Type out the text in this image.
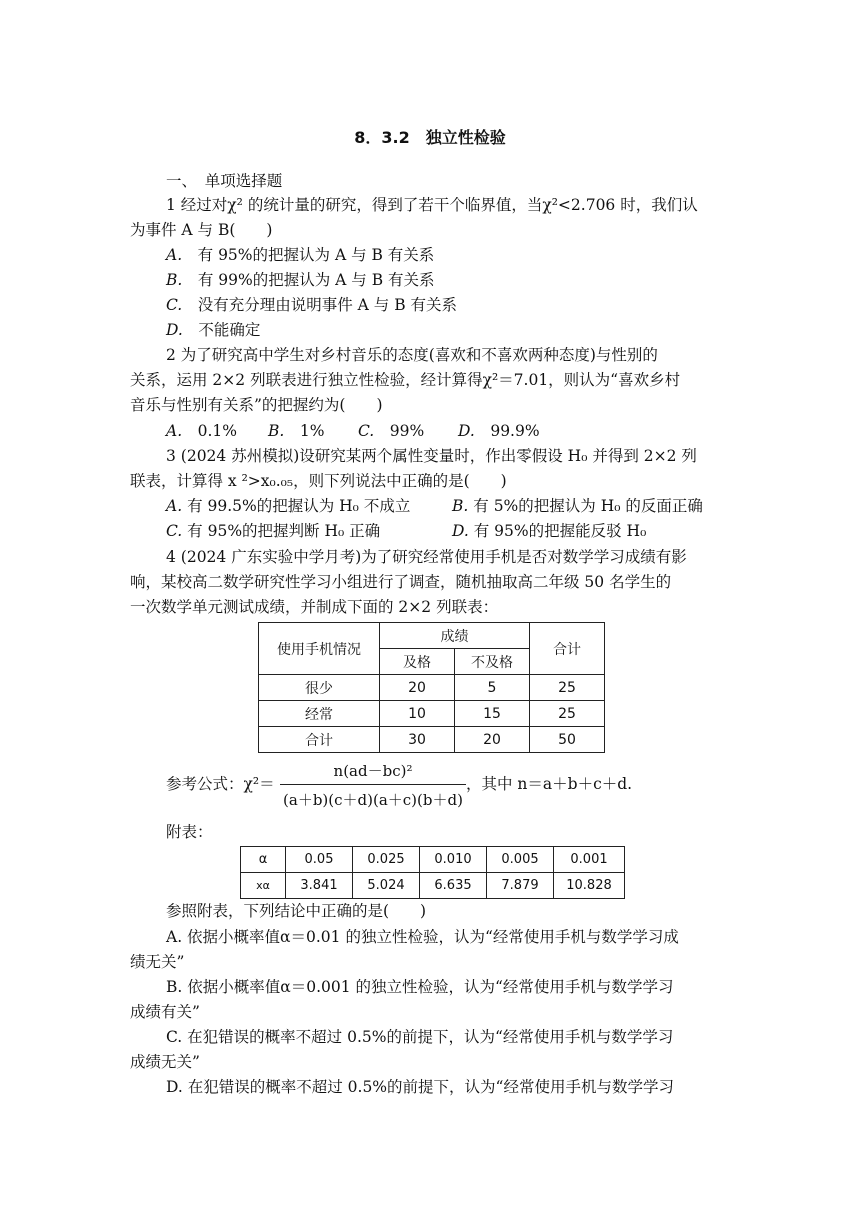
8．3.2　独立性检验
一、　单项选择题
1 经过对χ² 的统计量的研究，得到了若干个临界值，当χ²<2.706 时，我们认
为事件 A 与 B(　　)
A.　 有 95%的把握认为 A 与 B 有关系
B.　 有 99%的把握认为 A 与 B 有关系
C.　 没有充分理由说明事件 A 与 B 有关系
D.　 不能确定
2 为了研究高中学生对乡村音乐的态度(喜欢和不喜欢两种态度)与性别的
关系，运用 2×2 列联表进行独立性检验，经计算得χ²＝7.01，则认为“喜欢乡村
音乐与性别有关系”的把握约为(　　)
A.　 0.1% B.　 1% C.　 99% D.　 99.9%
3 (2024 苏州模拟)设研究某两个属性变量时，作出零假设 H₀ 并得到 2×2 列
联表，计算得 x ²>x₀.₀₅，则下列说法中正确的是(　　)
A. 有 99.5%的把握认为 H₀ 不成立	B. 有 5%的把握认为 H₀ 的反面正确
C. 有 95%的把握判断 H₀ 正确	D. 有 95%的把握能反驳 H₀
4 (2024 广东实验中学月考)为了研究经常使用手机是否对数学学习成绩有影
响，某校高二数学研究性学习小组进行了调查，随机抽取高二年级 50 名学生的
一次数学单元测试成绩，并制成下面的 2×2 列联表：
使用手机情况	成绩		合计
	及格	不及格	
很少	20	5	25
经常	10	15	25
合计	30	20	50
参考公式：χ²＝
n(ad－bc)²
(a＋b)(c＋d)(a＋c)(b＋d)
，其中 n＝a＋b＋c＋d.
附表：
α	0.05	0.025	0.010	0.005	0.001
xα	3.841	5.024	6.635	7.879	10.828
参照附表，下列结论中正确的是(　　)
A. 依据小概率值α＝0.01 的独立性检验，认为“经常使用手机与数学学习成
绩无关”
B. 依据小概率值α＝0.001 的独立性检验，认为“经常使用手机与数学学习
成绩有关”
C. 在犯错误的概率不超过 0.5%的前提下，认为“经常使用手机与数学学习
成绩无关”
D. 在犯错误的概率不超过 0.5%的前提下，认为“经常使用手机与数学学习
